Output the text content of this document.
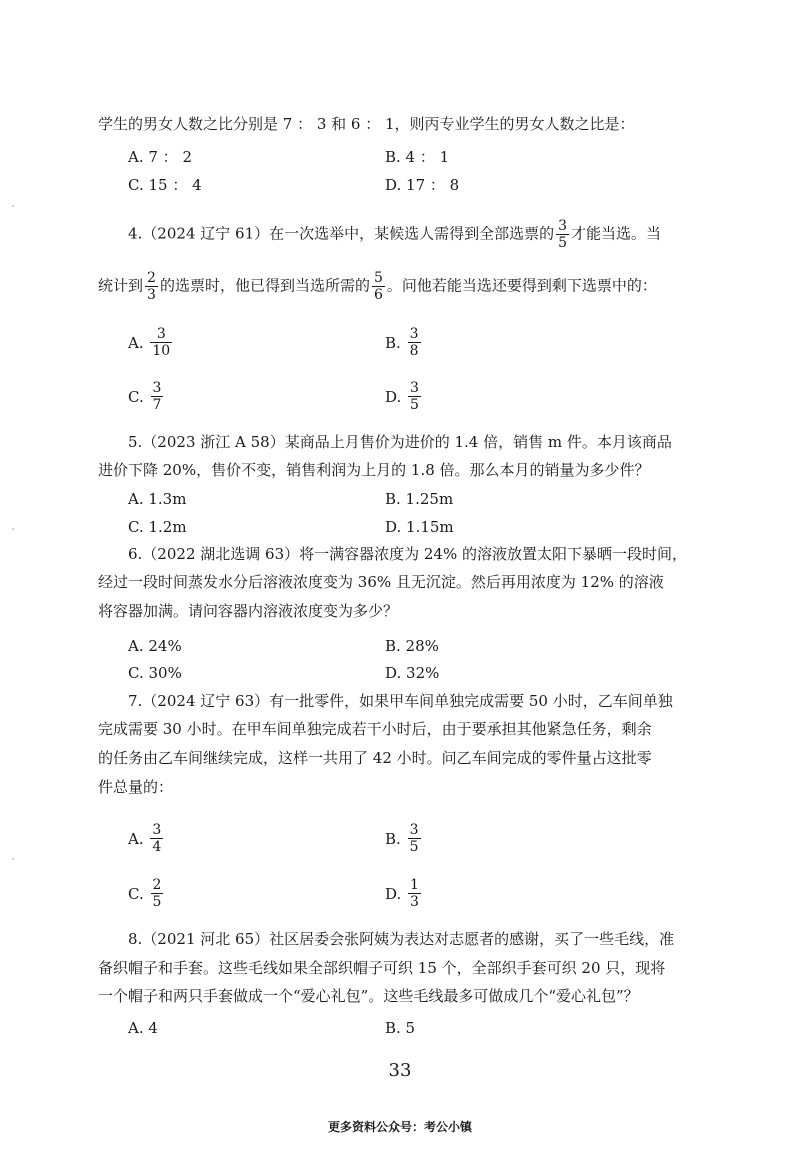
学生的男女人数之比分别是 7 ： 3 和 6 ： 1，则丙专业学生的男女人数之比是：
A. 7 ： 2	B. 4 ： 1
C. 15 ： 4	D. 17 ： 8
4.（2024 辽宁 61）在一次选举中，某候选人需得到全部选票的 $\frac{3}{5}$ 才能当选。当
统计到 $\frac{2}{3}$ 的选票时，他已得到当选所需的 $\frac{5}{6}$ 。问他若能当选还要得到剩下选票中的：
A. $\frac{3}{10}$	B. $\frac{3}{8}$
C. $\frac{3}{7}$	D. $\frac{3}{5}$
5.（2023 浙江 A 58）某商品上月售价为进价的 1.4 倍，销售 m 件。本月该商品
进价下降 20%，售价不变，销售利润为上月的 1.8 倍。那么本月的销量为多少件？
A. 1.3m	B. 1.25m
C. 1.2m	D. 1.15m
6.（2022 湖北选调 63）将一满容器浓度为 24% 的溶液放置太阳下暴晒一段时间，
经过一段时间蒸发水分后溶液浓度变为 36% 且无沉淀。然后再用浓度为 12% 的溶液
将容器加满。请问容器内溶液浓度变为多少？
A. 24%	B. 28%
C. 30%	D. 32%
7.（2024 辽宁 63）有一批零件，如果甲车间单独完成需要 50 小时，乙车间单独
完成需要 30 小时。在甲车间单独完成若干小时后，由于要承担其他紧急任务，剩余
的任务由乙车间继续完成，这样一共用了 42 小时。问乙车间完成的零件量占这批零
件总量的：
A. $\frac{3}{4}$	B. $\frac{3}{5}$
C. $\frac{2}{5}$	D. $\frac{1}{3}$
8.（2021 河北 65）社区居委会张阿姨为表达对志愿者的感谢，买了一些毛线，准
备织帽子和手套。这些毛线如果全部织帽子可织 15 个，全部织手套可织 20 只，现将
一个帽子和两只手套做成一个“爱心礼包”。这些毛线最多可做成几个“爱心礼包”？
A. 4	B. 5
33
更多资料公众号：考公小镇
